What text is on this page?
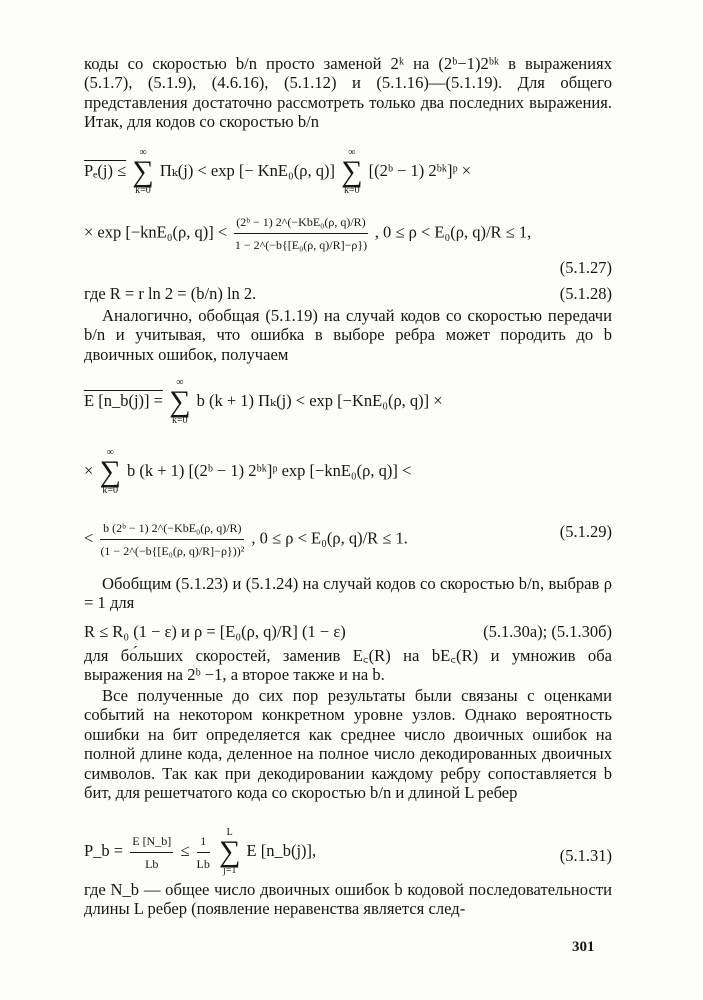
коды со скоростью b/n просто заменой 2ᵏ на (2ᵇ−1)2ᵇᵏ в выражениях (5.1.7), (5.1.9), (4.6.16), (5.1.12) и (5.1.16)—(5.1.19). Для общего представления достаточно рассмотреть только два последних выражения. Итак, для кодов со скоростью b/n
Pₑ(j) ≤
∞
∑
k=0
Πₖ(j) < exp [− KnE₀(ρ, q)]
∞
∑
k=0
[(2ᵇ − 1) 2ᵇᵏ]ᵖ ×
× exp [−knE₀(ρ, $q)] < \frac{\text{(2ᵇ − 1) 2\textasciicircum{}(−KbE₀(ρ, q)/R)}}{\text{1 − 2\textasciicircum{}(−b\{[E₀(ρ, q)/R]−ρ\})}}$ , 0 ≤ ρ < E₀(ρ, q)/R ≤ 1,
(5.1.27)
где R = r ln 2 = (b/n) ln 2.	(5.1.28)
Аналогично, обобщая (5.1.19) на случай кодов со скоростью передачи b/n и учитывая, что ошибка в выборе ребра может породить до b двоичных ошибок, получаем
E [n_b(j)] =
∞
∑
k=0
b (k + 1) Πₖ(j) < exp [−KnE₀(ρ, q)] ×
×
∞
∑
k=0
b (k + 1) [(2ᵇ − 1) 2ᵇᵏ]ᵖ exp [−knE₀(ρ, q)] <
< $\frac{\text{b (2ᵇ − 1) 2\textasciicircum{}(−KbE₀(ρ, q)/R)}}{\text{(1 − 2\textasciicircum{}(−b\{[E₀(ρ, q)/R]−ρ\}))²}}$ , 0 ≤ ρ < E₀(ρ, q)/R ≤ 1.	(5.1.29)
Обобщим (5.1.23) и (5.1.24) на случай кодов со скоростью b/n, выбрав ρ = 1 для
R ≤ R₀ (1 − ε) и ρ = [E₀(ρ, q)/R] (1 − ε)	(5.1.30а); (5.1.30б)
для бо́льших скоростей, заменив E꜀(R) на bE꜀(R) и умножив оба выражения на 2ᵇ −1, а второе также и на b.
Все полученные до сих пор результаты были связаны с оценками событий на некотором конкретном уровне узлов. Однако вероятность ошибки на бит определяется как среднее число двоичных ошибок на полной длине кода, деленное на полное число декодированных двоичных символов. Так как при декодировании каждому ребру сопоставляется b бит, для решетчатого кода со скоростью b/n и длиной L ребер
P_b = $\frac{E [N\_b]}{Lb} \le \frac{1}{Lb}$
	L
∑
j=1
E [n_b(j)],	(5.1.31)
где N_b — общее число двоичных ошибок b кодовой последовательности длины L ребер (появление неравенства является след-
301
